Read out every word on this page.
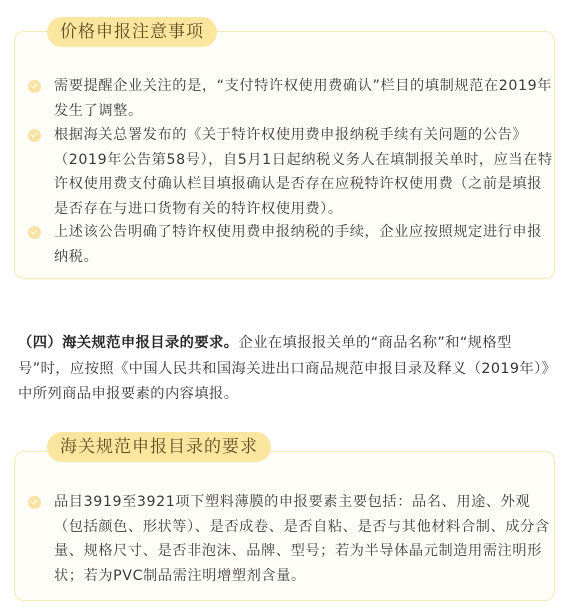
价格申报注意事项
需要提醒企业关注的是，“支付特许权使用费确认”栏目的填制规范在2019年发生了调整。
根据海关总署发布的《关于特许权使用费申报纳税手续有关问题的公告》（2019年公告第58号），自5月1日起纳税义务人在填制报关单时，应当在特许权使用费支付确认栏目填报确认是否存在应税特许权使用费（之前是填报是否存在与进口货物有关的特许权使用费）。
上述该公告明确了特许权使用费申报纳税的手续，企业应按照规定进行申报纳税。
（四）海关规范申报目录的要求。企业在填报报关单的“商品名称”和“规格型号”时，应按照《中国人民共和国海关进出口商品规范申报目录及释义（2019年）》中所列商品申报要素的内容填报。
海关规范申报目录的要求
品目3919至3921项下塑料薄膜的申报要素主要包括：品名、用途、外观（包括颜色、形状等）、是否成卷、是否自粘、是否与其他材料合制、成分含量、规格尺寸、是否非泡沫、品牌、型号；若为半导体晶元制造用需注明形状；若为PVC制品需注明增塑剂含量。
